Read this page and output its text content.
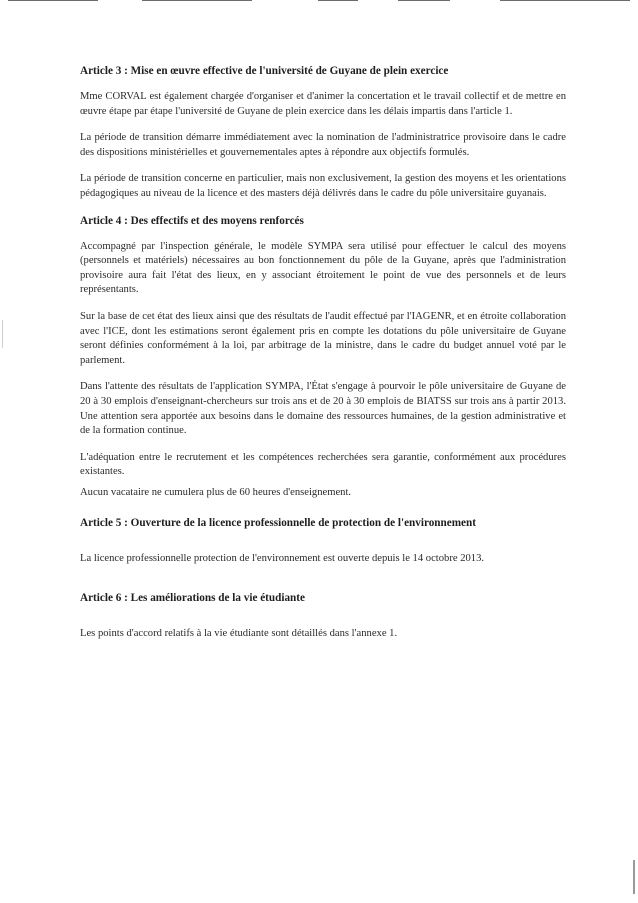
Article 3 : Mise en œuvre effective de l'université de Guyane de plein exercice

Mme CORVAL est également chargée d'organiser et d'animer la concertation et le travail collectif et de mettre en œuvre étape par étape l'université de Guyane de plein exercice dans les délais impartis dans l'article 1.

La période de transition démarre immédiatement avec la nomination de l'administratrice provisoire dans le cadre des dispositions ministérielles et gouvernementales aptes à répondre aux objectifs formulés.

La période de transition concerne en particulier, mais non exclusivement, la gestion des moyens et les orientations pédagogiques au niveau de la licence et des masters déjà délivrés dans le cadre du pôle universitaire guyanais.

Article 4 : Des effectifs et des moyens renforcés

Accompagné par l'inspection générale, le modèle SYMPA sera utilisé pour effectuer le calcul des moyens (personnels et matériels) nécessaires au bon fonctionnement du pôle de la Guyane, après que l'administration provisoire aura fait l'état des lieux, en y associant étroitement le point de vue des personnels et de leurs représentants.

Sur la base de cet état des lieux ainsi que des résultats de l'audit effectué par l'IAGENR, et en étroite collaboration avec l'ICE, dont les estimations seront également pris en compte les dotations du pôle universitaire de Guyane seront définies conformément à la loi, par arbitrage de la ministre, dans le cadre du budget annuel voté par le parlement.

Dans l'attente des résultats de l'application SYMPA, l'État s'engage à pourvoir le pôle universitaire de Guyane de 20 à 30 emplois d'enseignant-chercheurs sur trois ans et de 20 à 30 emplois de BIATSS sur trois ans à partir 2013. Une attention sera apportée aux besoins dans le domaine des ressources humaines, de la gestion administrative et de la formation continue.

L'adéquation entre le recrutement et les compétences recherchées sera garantie, conformément aux procédures existantes.

Aucun vacataire ne cumulera plus de 60 heures d'enseignement.

Article 5 : Ouverture de la licence professionnelle de protection de l'environnement

La licence professionnelle protection de l'environnement est ouverte depuis le 14 octobre 2013.

Article 6 : Les améliorations de la vie étudiante

Les points d'accord relatifs à la vie étudiante sont détaillés dans l'annexe 1.
